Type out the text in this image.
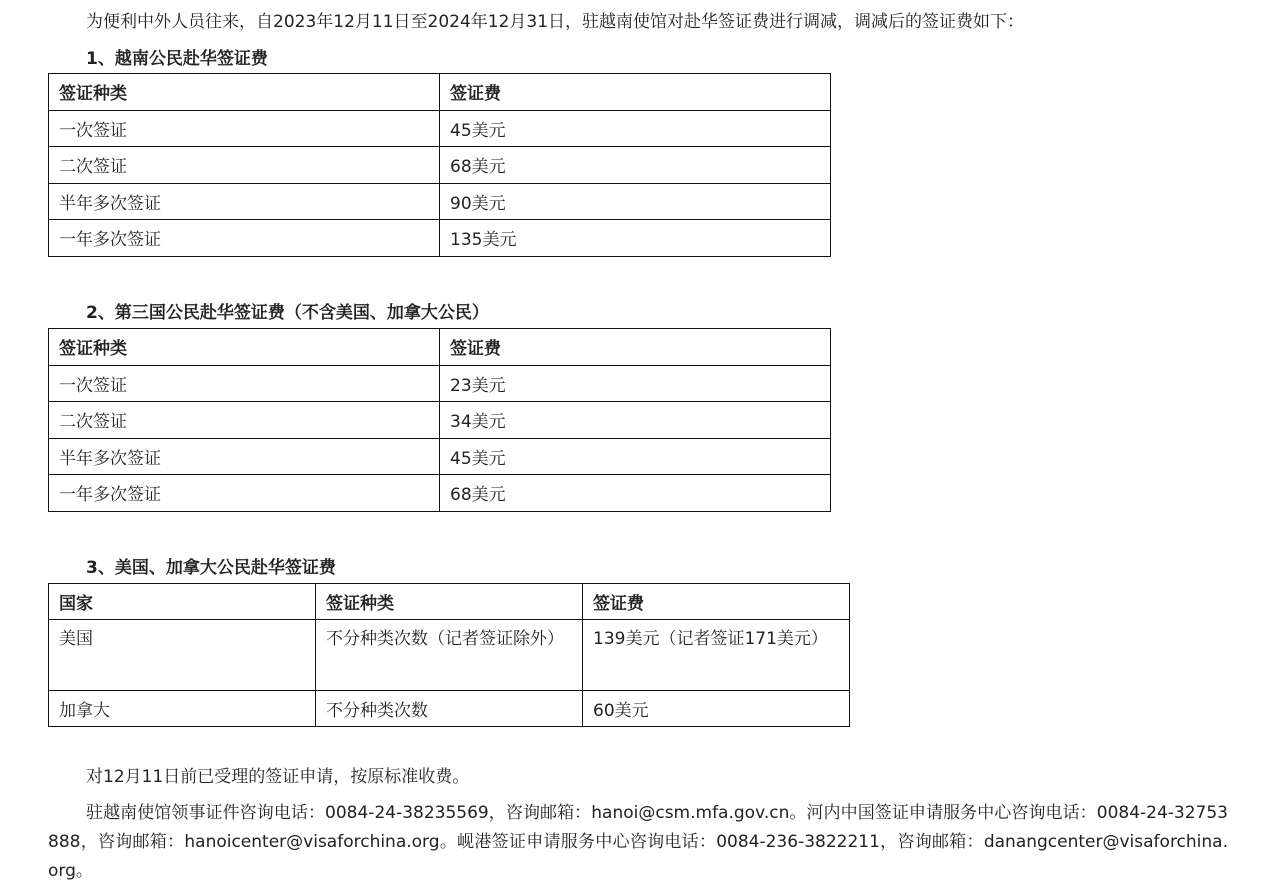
为便利中外人员往来，自2023年12月11日至2024年12月31日，驻越南使馆对赴华签证费进行调减，调减后的签证费如下：
1、越南公民赴华签证费
签证种类	签证费
一次签证	45美元
二次签证	68美元
半年多次签证	90美元
一年多次签证	135美元
2、第三国公民赴华签证费（不含美国、加拿大公民）
签证种类	签证费
一次签证	23美元
二次签证	34美元
半年多次签证	45美元
一年多次签证	68美元
3、美国、加拿大公民赴华签证费
国家	签证种类	签证费
美国	不分种类次数（记者签证除外）	139美元（记者签证171美元）
加拿大	不分种类次数	60美元
对12月11日前已受理的签证申请，按原标准收费。
驻越南使馆领事证件咨询电话：0084-24-38235569，咨询邮箱：hanoi@csm.mfa.gov.cn。河内中国签证申请服务中心咨询电话：0084-24-32753888，咨询邮箱：hanoicenter@visaforchina.org。岘港签证申请服务中心咨询电话：0084-236-3822211，咨询邮箱：danangcenter@visaforchina.org。
